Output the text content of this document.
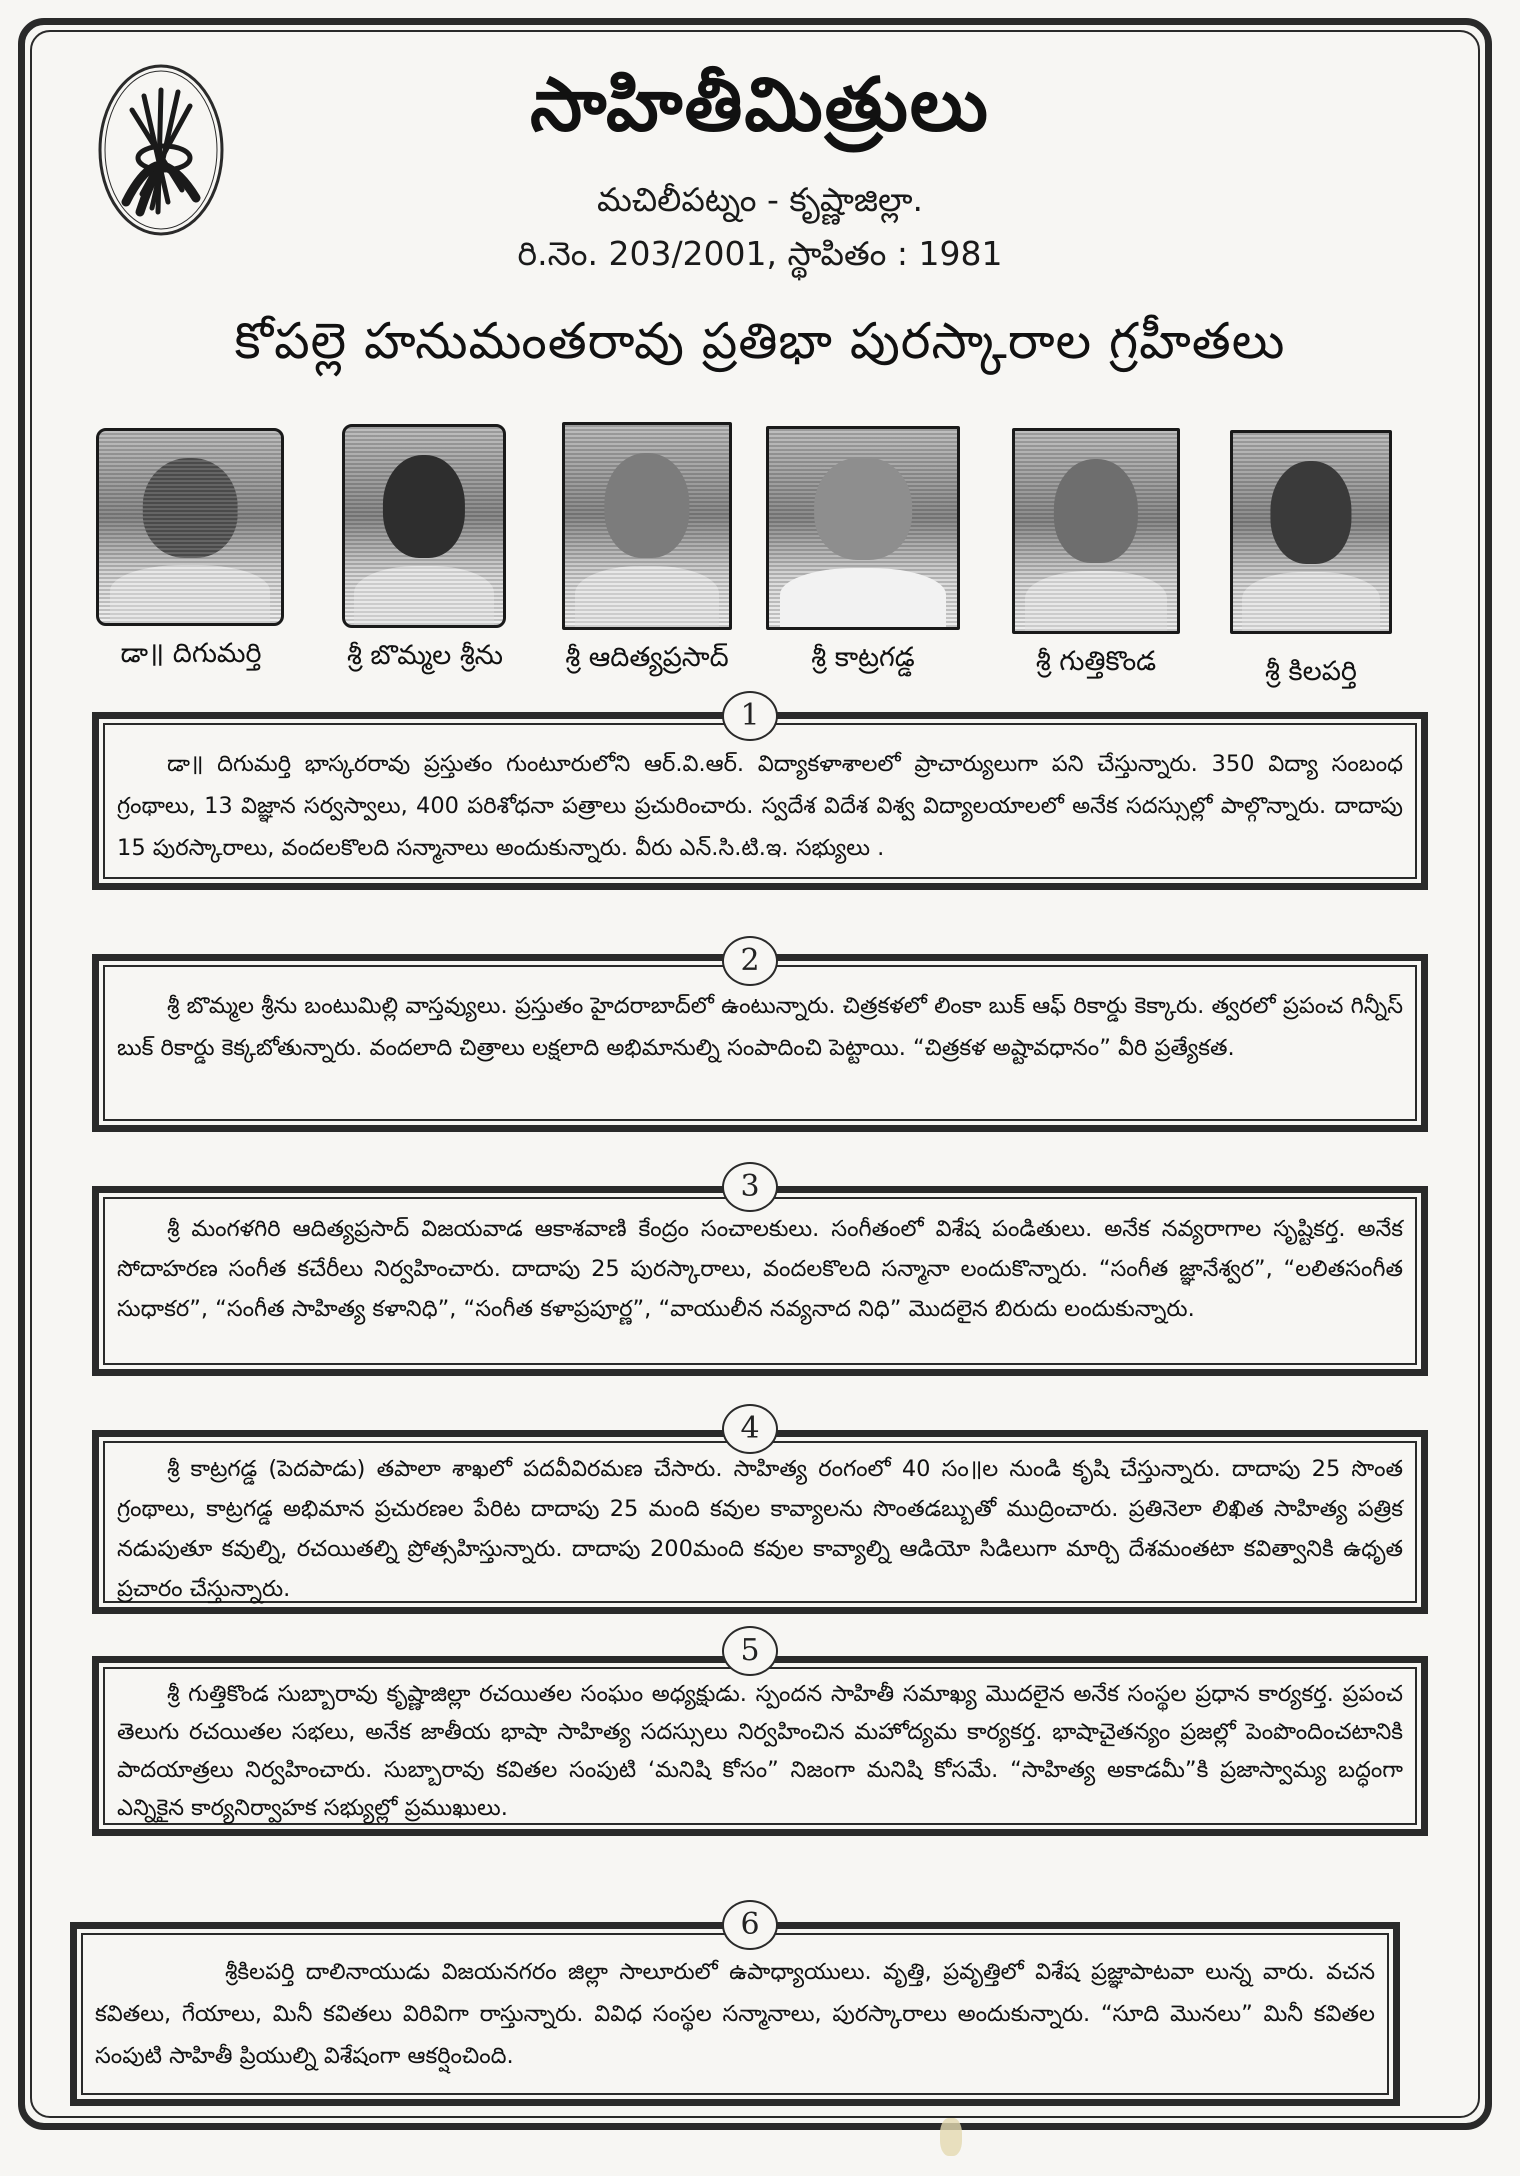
సాహితీమిత్రులు
మచిలీపట్నం - కృష్ణాజిల్లా.
రి.నెం. 203/2001, స్థాపితం : 1981
కోపల్లె హనుమంతరావు ప్రతిభా పురస్కారాల గ్రహీతలు
డా॥ దిగుమర్తి	శ్రీ బొమ్మల శ్రీను శ్రీ ఆదిత్యప్రసాద్	శ్రీ కాట్రగడ్డ	శ్రీ గుత్తికొండ	శ్రీ కిలపర్తి
డా॥ దిగుమర్తి భాస్కరరావు ప్రస్తుతం గుంటూరులోని ఆర్.వి.ఆర్. విద్యాకళాశాలలో ప్రాచార్యులుగా పని చేస్తున్నారు. 350 విద్యా సంబంధ గ్రంథాలు, 13 విజ్ఞాన సర్వస్వాలు, 400 పరిశోధనా పత్రాలు ప్రచురించారు. స్వదేశ విదేశ విశ్వ విద్యాలయాలలో అనేక సదస్సుల్లో పాల్గొన్నారు. దాదాపు 15 పురస్కారాలు, వందలకొలది సన్మానాలు అందుకున్నారు. వీరు ఎన్.సి.టి.ఇ. సభ్యులు .
1
శ్రీ బొమ్మల శ్రీను బంటుమిల్లి వాస్తవ్యులు. ప్రస్తుతం హైదరాబాద్‌లో ఉంటున్నారు. చిత్రకళలో లింకా బుక్ ఆఫ్ రికార్డు కెక్కారు. త్వరలో ప్రపంచ గిన్నీస్ బుక్ రికార్డు కెక్కబోతున్నారు. వందలాది చిత్రాలు లక్షలాది అభిమానుల్ని సంపాదించి పెట్టాయి. “చిత్రకళ అష్టావధానం” వీరి ప్రత్యేకత.
2
శ్రీ మంగళగిరి ఆదిత్యప్రసాద్ విజయవాడ ఆకాశవాణి కేంద్రం సంచాలకులు. సంగీతంలో విశేష పండితులు. అనేక నవ్యరాగాల సృష్టికర్త. అనేక సోదాహరణ సంగీత కచేరీలు నిర్వహించారు. దాదాపు 25 పురస్కారాలు, వందలకొలది సన్మానా లందుకొన్నారు. “సంగీత జ్ఞానేశ్వర”, “లలితసంగీత సుధాకర”, “సంగీత సాహిత్య కళానిధి”, “సంగీత కళాప్రపూర్ణ”, “వాయులీన నవ్యనాద నిధి” మొదలైన బిరుదు లందుకున్నారు.
3
శ్రీ కాట్రగడ్డ (పెదపాడు) తపాలా శాఖలో పదవీవిరమణ చేసారు. సాహిత్య రంగంలో 40 సం॥ల నుండి కృషి చేస్తున్నారు. దాదాపు 25 సొంత గ్రంథాలు, కాట్రగడ్డ అభిమాన ప్రచురణల పేరిట దాదాపు 25 మంది కవుల కావ్యాలను సొంతడబ్బుతో ముద్రించారు. ప్రతినెలా లిఖిత సాహిత్య పత్రిక నడుపుతూ కవుల్ని, రచయితల్ని ప్రోత్సహిస్తున్నారు. దాదాపు 200మంది కవుల కావ్యాల్ని ఆడియో సిడిలుగా మార్చి దేశమంతటా కవిత్వానికి ఉధృత ప్రచారం చేస్తున్నారు.
4
శ్రీ గుత్తికొండ సుబ్బారావు కృష్ణాజిల్లా రచయితల సంఘం అధ్యక్షుడు. స్పందన సాహితీ సమాఖ్య మొదలైన అనేక సంస్థల ప్రధాన కార్యకర్త. ప్రపంచ తెలుగు రచయితల సభలు, అనేక జాతీయ భాషా సాహిత్య సదస్సులు నిర్వహించిన మహోద్యమ కార్యకర్త. భాషాచైతన్యం ప్రజల్లో పెంపొందించటానికి పాదయాత్రలు నిర్వహించారు. సుబ్బారావు కవితల సంపుటి ‘మనిషి కోసం” నిజంగా మనిషి కోసమే. “సాహిత్య అకాడమీ”కి ప్రజాస్వామ్య బద్ధంగా ఎన్నికైన కార్యనిర్వాహక సభ్యుల్లో ప్రముఖులు.
5
శ్రీకిలపర్తి దాలినాయుడు విజయనగరం జిల్లా సాలూరులో ఉపాధ్యాయులు. వృత్తి, ప్రవృత్తిలో విశేష ప్రజ్ఞాపాటవా లున్న వారు. వచన కవితలు, గేయాలు, మినీ కవితలు విరివిగా రాస్తున్నారు. వివిధ సంస్థల సన్మానాలు, పురస్కారాలు అందుకున్నారు. “సూది మొనలు” మినీ కవితల సంపుటి సాహితీ ప్రియుల్ని విశేషంగా ఆకర్షించింది.
6
